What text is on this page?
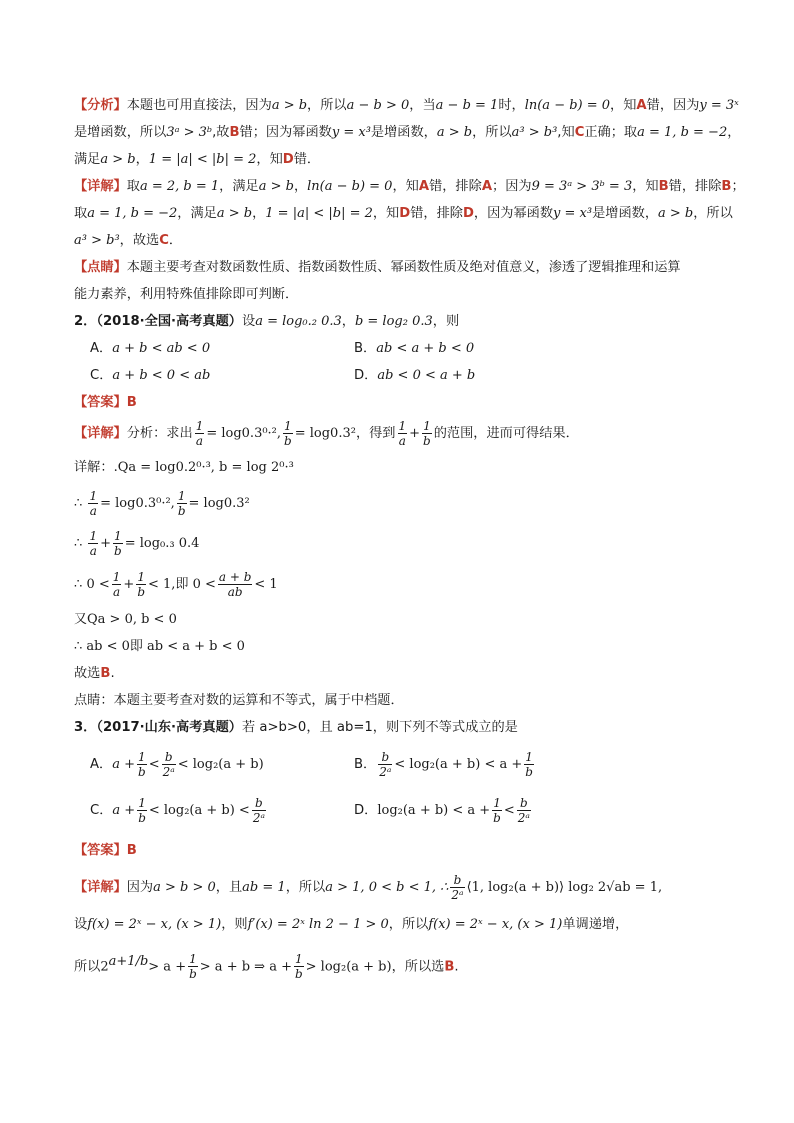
【分析】本题也可用直接法，因为a > b，所以a − b > 0，当a − b = 1时，ln(a − b) = 0，知A错，因为y = 3ˣ

是增函数，所以3ᵃ > 3ᵇ,故B错；因为幂函数y = x³是增函数，a > b，所以a³ > b³,知C正确；取a = 1, b = −2，

满足a > b，1 = |a| < |b| = 2，知D错．

【详解】取a = 2, b = 1，满足a > b，ln(a − b) = 0，知A错，排除A；因为9 = 3ᵃ > 3ᵇ = 3，知B错，排除B；

取a = 1, b = −2，满足a > b，1 = |a| < |b| = 2，知D错，排除D，因为幂函数y = x³是增函数，a > b，所以

a³ > b³，故选C．

【点睛】本题主要考查对数函数性质、指数函数性质、幂函数性质及绝对值意义，渗透了逻辑推理和运算

能力素养，利用特殊值排除即可判断．

2．（2018·全国·高考真题）设a = log₀.₂ 0.3，b = log₂ 0.3，则

A．a + b < ab < 0	B．ab < a + b < 0

C．a + b < 0 < ab	D．ab < 0 < a + b

【答案】B

【详解】分析：求出 $\frac{1}{a} = \log 0.3^0\cdot^2$, $\frac{1}{b} = \log 0.3^2$，得到 $\frac{1}{a} + \frac{1}{b}$ 的范围，进而可得结果．

详解：.Qa = log0.2⁰·³, b = log 2⁰·³

∴ $\frac{1}{a} = \log 0.3^0\cdot^2$, $\frac{1}{b} = \log 0.3^2$

∴ $\frac{1}{a} + \frac{1}{b} = \log_0._3$ 0.4

∴ $0 < \frac{1}{a} + \frac{1}{b} < 1$,即 $0 < \frac{a + b}{ab} < 1$

又Qa > 0, b < 0

∴ ab < 0即 ab < a + b < 0

故选B.

点睛：本题主要考查对数的运算和不等式，属于中档题．

3．（2017·山东·高考真题）若 a>b>0，且 ab=1，则下列不等式成立的是

A．$a + \frac{1}{b} < \frac{b}{\text{2ᵃ}} < \log_2(a + b)$	B． $\frac{b}{\text{2ᵃ}} < \log_2(a + b) < a + \frac{1}{b}$

C．$a + \frac{1}{b} < \log_2(a + b) < \frac{b}{\text{2ᵃ}}$	D．$\log_2(a + b) < a + \frac{1}{b} < \frac{b}{\text{2ᵃ}}$

【答案】B

【详解】因为a > b > 0，且ab = 1，所以a > 1, 0 < b < 1, ∴ $\frac{b}{\text{2ᵃ}}$ ⟨1, log₂(a + b)⟩ log₂ 2√ab = 1,

设f(x) = 2ˣ − x, (x > 1)，则f′(x) = 2ˣ ln 2 − 1 > 0，所以f(x) = 2ˣ − x, (x > 1)单调递增，

所以$2^{a+1/b}> a + \frac{1}{b} > a + b$ ⇒ $a + \frac{1}{b} > \log_2(a + b)$，所以选B.
